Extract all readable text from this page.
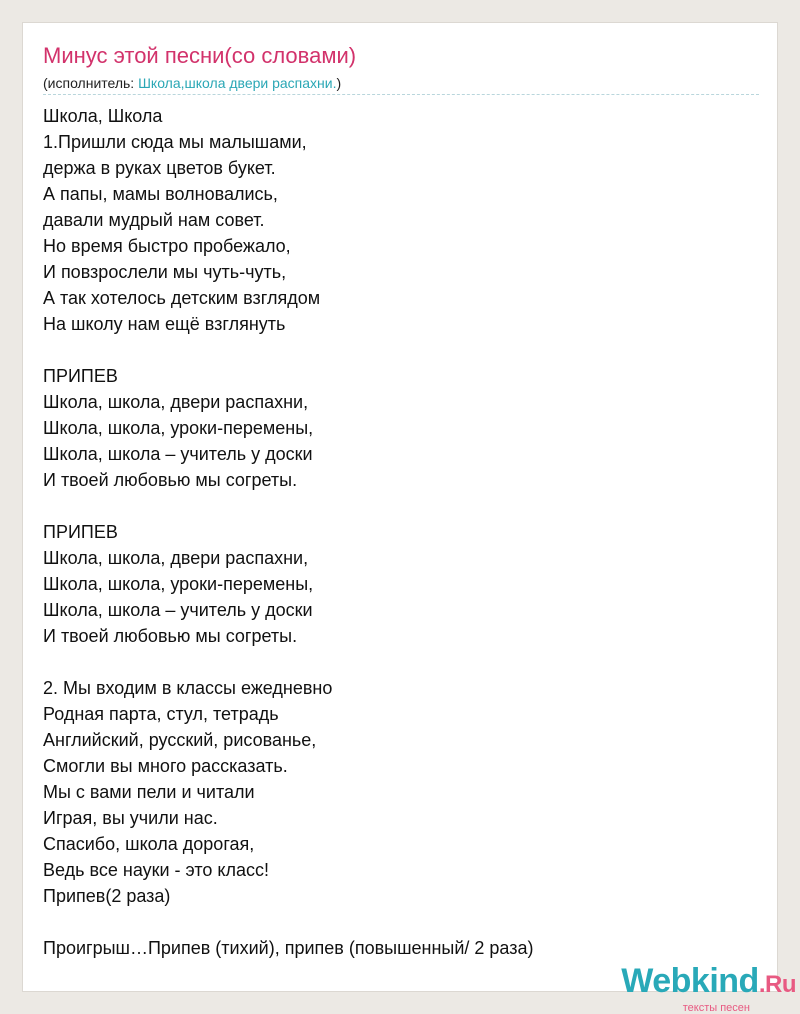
Минус этой песни(со словами)
(исполнитель: Школа,школа двери распахни.)
Школа, Школа
1.Пришли сюда мы малышами,
держа в руках цветов букет.
А папы, мамы волновались,
давали мудрый нам совет.
Но время быстро пробежало,
И повзрослели мы чуть-чуть,
А так хотелось детским взглядом
На школу нам ещё взглянуть

ПРИПЕВ
Школа, школа, двери распахни,
Школа, школа, уроки-перемены,
Школа, школа – учитель у доски
И твоей любовью мы согреты.

ПРИПЕВ
Школа, школа, двери распахни,
Школа, школа, уроки-перемены,
Школа, школа – учитель у доски
И твоей любовью мы согреты.

2. Мы входим в классы ежедневно
Родная парта, стул, тетрадь
Английский, русский, рисованье,
Смогли вы много рассказать.
Мы с вами пели и читали
Играя, вы учили нас.
Спасибо, школа дорогая,
Ведь все науки - это класс!
Припев(2 раза)

Проигрыш…Припев (тихий), припев (повышенный/ 2 раза)
Webkind.Ru
тексты песен
